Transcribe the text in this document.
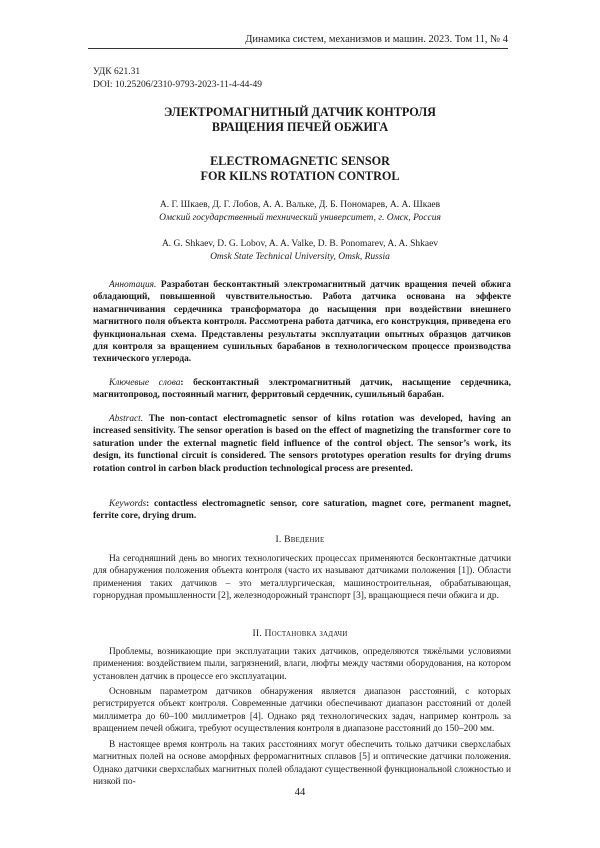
Динамика систем, механизмов и машин. 2023. Том 11, № 4
УДК 621.31
DOI: 10.25206/2310-9793-2023-11-4-44-49
ЭЛЕКТРОМАГНИТНЫЙ ДАТЧИК КОНТРОЛЯ
ВРАЩЕНИЯ ПЕЧЕЙ ОБЖИГА
ELECTROMAGNETIC SENSOR
FOR KILNS ROTATION CONTROL
А. Г. Шкаев, Д. Г. Лобов, А. А. Вальке, Д. Б. Пономарев, А. А. Шкаев
Омский государственный технический университет, г. Омск, Россия
A. G. Shkaev, D. G. Lobov, A. A. Valke, D. B. Ponomarev, A. A. Shkaev
Omsk State Technical University, Omsk, Russia
Аннотация. Разработан бесконтактный электромагнитный датчик вращения печей обжига обладающий, повышенной чувствительностью. Работа датчика основана на эффекте намагничивания сердечника трансформатора до насыщения при воздействии внешнего магнитного поля объекта контроля. Рассмотрена работа датчика, его конструкция, приведена его функциональная схема. Представлены результаты эксплуатации опытных образцов датчиков для контроля за вращением сушильных барабанов в технологическом процессе производства технического углерода.
Ключевые слова: бесконтактный электромагнитный датчик, насыщение сердечника, магнитопровод, постоянный магнит, ферритовый сердечник, сушильный барабан.
Abstract. The non-contact electromagnetic sensor of kilns rotation was developed, having an increased sensitivity. The sensor operation is based on the effect of magnetizing the transformer core to saturation under the external magnetic field influence of the control object. The sensor’s work, its design, its functional circuit is considered. The sensors prototypes operation results for drying drums rotation control in carbon black production technological process are presented.
Keywords: contactless electromagnetic sensor, core saturation, magnet core, permanent magnet, ferrite core, drying drum.
I. Введение
На сегодняшний день во многих технологических процессах применяются бесконтактные датчики для обнаружения положения объекта контроля (часто их называют датчиками положения [1]). Области применения таких датчиков – это металлургическая, машиностроительная, обрабатывающая, горнорудная промышленности [2], железнодорожный транспорт [3], вращающиеся печи обжига и др.
II. Постановка задачи
Проблемы, возникающие при эксплуатации таких датчиков, определяются тяжёлыми условиями применения: воздействием пыли, загрязнений, влаги, люфты между частями оборудования, на котором установлен датчик в процессе его эксплуатации.
Основным параметром датчиков обнаружения является диапазон расстояний, с которых регистрируется объект контроля. Современные датчики обеспечивают диапазон расстояний от долей миллиметра до 60–100 миллиметров [4]. Однако ряд технологических задач, например контроль за вращением печей обжига, требуют осуществления контроля в диапазоне расстояний до 150–200 мм.
В настоящее время контроль на таких расстояниях могут обеспечить только датчики сверхслабых магнитных полей на основе аморфных ферромагнитных сплавов [5] и оптические датчики положения. Однако датчики сверхслабых магнитных полей обладают существенной функциональной сложностью и низкой по-
44
